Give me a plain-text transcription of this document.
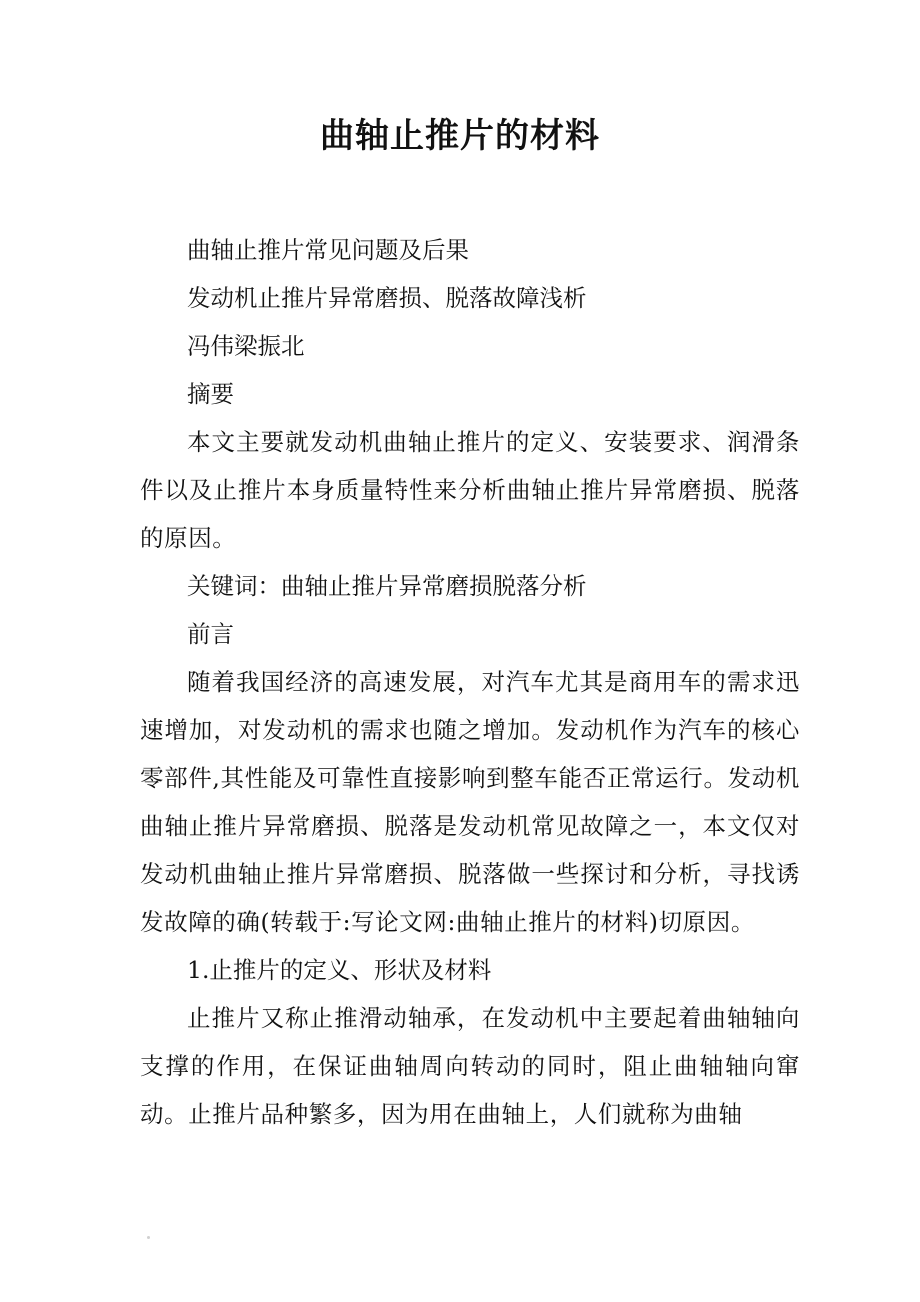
曲轴止推片的材料

曲轴止推片常见问题及后果

发动机止推片异常磨损、脱落故障浅析

冯伟梁振北

摘要

本文主要就发动机曲轴止推片的定义、安装要求、润滑条件以及止推片本身质量特性来分析曲轴止推片异常磨损、脱落的原因。

关键词：曲轴止推片异常磨损脱落分析

前言

随着我国经济的高速发展，对汽车尤其是商用车的需求迅速增加，对发动机的需求也随之增加。发动机作为汽车的核心零部件,其性能及可靠性直接影响到整车能否正常运行。发动机曲轴止推片异常磨损、脱落是发动机常见故障之一，本文仅对发动机曲轴止推片异常磨损、脱落做一些探讨和分析，寻找诱发故障的确(转载于:写论文网:曲轴止推片的材料)切原因。

1.止推片的定义、形状及材料

止推片又称止推滑动轴承，在发动机中主要起着曲轴轴向支撑的作用，在保证曲轴周向转动的同时，阻止曲轴轴向窜动。止推片品种繁多，因为用在曲轴上，人们就称为曲轴
